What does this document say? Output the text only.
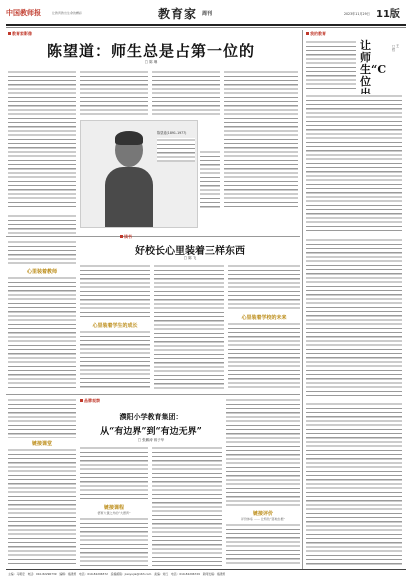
中国教师报	让教育教出生命的精彩	教育家 周刊	2023年11月29日 11版
教育家影像
陈望道：师生总是占第一位的
□ 陈 琳
陈望道(1891-1977)
读书
心里装着教师
好校长心里装着三样东西
□ 陈 飞
心里装着学生的成长
心里装着学校的未来
链接课堂
品牌观察
濮阳小学教育集团：
从“有边界”到“有边无界”
□ 张鹏涛 蒋子华
链接课程
德育大课之外的“大德育”	链接评价
评价体系 —— 让特色“落地生根”
我的教育
让师生“C位
□ 王 哲
主编：马朝宏　电话：010-82296739　编辑：褚清源　电话：010-82296572　投稿邮箱：jiaoyujia@163.com　美编：刘红　电话：010-82296729　新闻发稿：褚清源
